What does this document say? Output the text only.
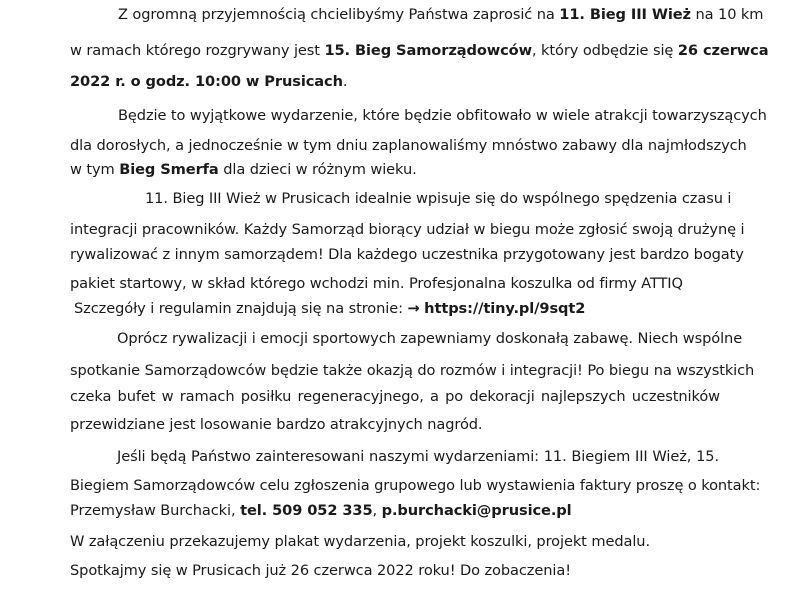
Z ogromną przyjemnością chcielibyśmy Państwa zaprosić na 11. Bieg III Wież na 10 km
w ramach którego rozgrywany jest 15. Bieg Samorządowców, który odbędzie się 26 czerwca
2022 r. o godz. 10:00 w Prusicach.
Będzie to wyjątkowe wydarzenie, które będzie obfitowało w wiele atrakcji towarzyszących
dla dorosłych, a jednocześnie w tym dniu zaplanowaliśmy mnóstwo zabawy dla najmłodszych
w tym Bieg Smerfa dla dzieci w różnym wieku.
11. Bieg III Wież w Prusicach idealnie wpisuje się do wspólnego spędzenia czasu i
integracji pracowników. Każdy Samorząd biorący udział w biegu może zgłosić swoją drużynę i
rywalizować z innym samorządem! Dla każdego uczestnika przygotowany jest bardzo bogaty
pakiet startowy, w skład którego wchodzi min. Profesjonalna koszulka od firmy ATTIQ
Szczegóły i regulamin znajdują się na stronie: → https://tiny.pl/9sqt2
Oprócz rywalizacji i emocji sportowych zapewniamy doskonałą zabawę. Niech wspólne
spotkanie Samorządowców będzie także okazją do rozmów i integracji! Po biegu na wszystkich
czeka bufet w ramach posiłku regeneracyjnego, a po dekoracji najlepszych uczestników
przewidziane jest losowanie bardzo atrakcyjnych nagród.
Jeśli będą Państwo zainteresowani naszymi wydarzeniami: 11. Biegiem III Wież, 15.
Biegiem Samorządowców celu zgłoszenia grupowego lub wystawienia faktury proszę o kontakt:
Przemysław Burchacki, tel. 509 052 335, p.burchacki@prusice.pl
W załączeniu przekazujemy plakat wydarzenia, projekt koszulki, projekt medalu.
Spotkajmy się w Prusicach już 26 czerwca 2022 roku! Do zobaczenia!
